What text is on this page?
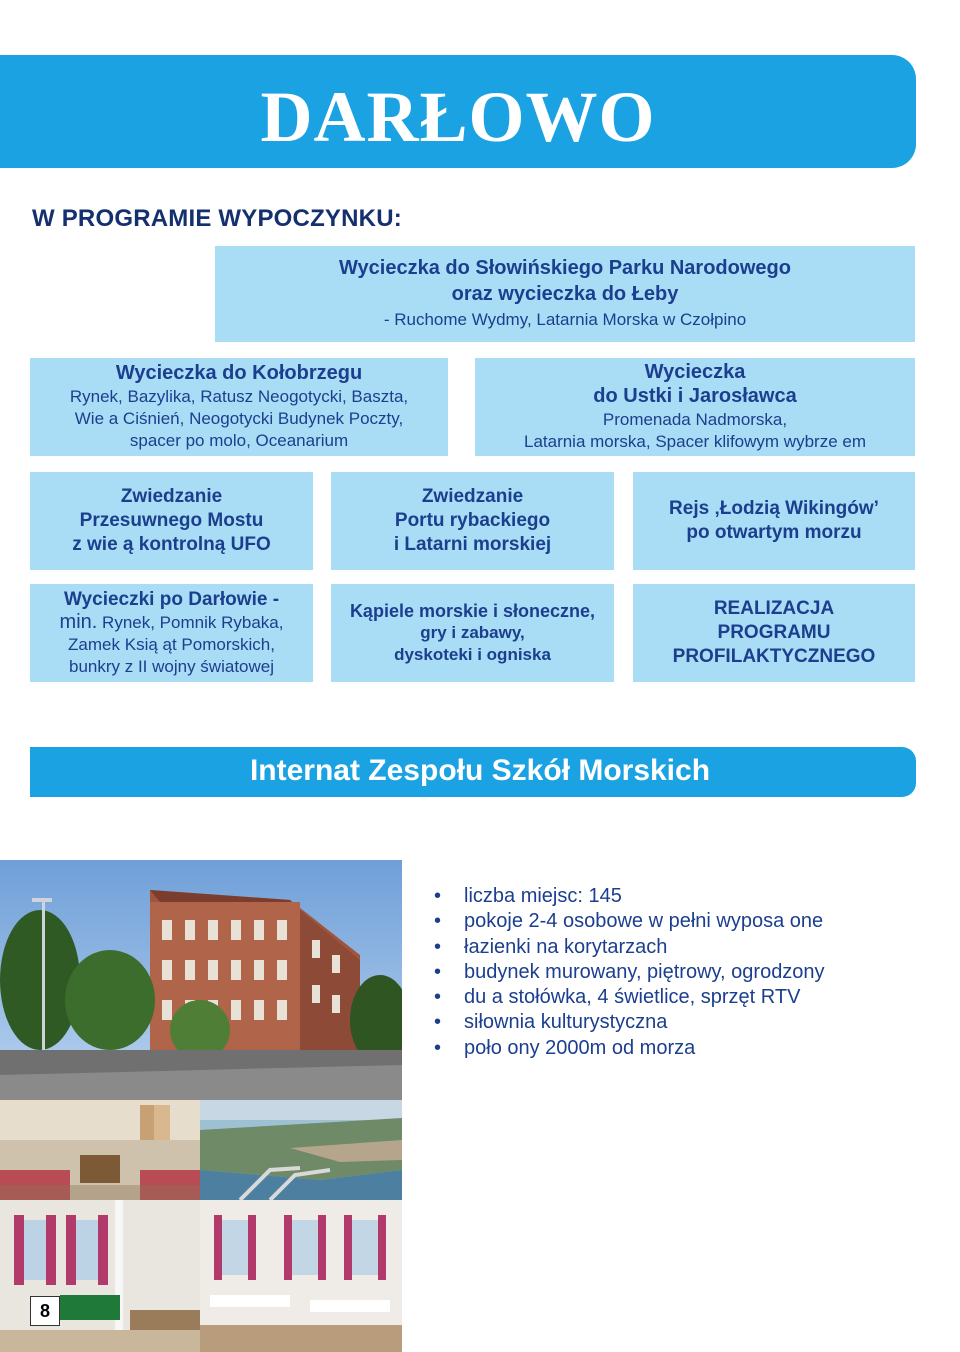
DARŁOWO
W PROGRAMIE WYPOCZYNKU:
Wycieczka do Słowińskiego Parku Narodowego
oraz wycieczka do Łeby
- Ruchome Wydmy, Latarnia Morska w Czołpino
Wycieczka do Kołobrzegu
Rynek, Bazylika, Ratusz Neogotycki, Baszta,
Wie a Ciśnień, Neogotycki Budynek Poczty,
spacer po molo, Oceanarium
Wycieczka
do Ustki i Jarosławca
Promenada Nadmorska,
Latarnia morska, Spacer klifowym wybrze em
Zwiedzanie
Przesuwnego Mostu
z wie ą kontrolną UFO
Zwiedzanie
Portu rybackiego
i Latarni morskiej
Rejs ‚Łodzią Wikingów’
po otwartym morzu
Wycieczki po Darłowie -
min. Rynek, Pomnik Rybaka,
Zamek Ksią ąt Pomorskich,
bunkry z II wojny światowej
Kąpiele morskie i słoneczne,
gry i zabawy,
dyskoteki i ogniska
REALIZACJA
PROGRAMU
PROFILAKTYCZNEGO
Internat Zespołu Szkół Morskich
• liczba miejsc: 145
• pokoje 2-4 osobowe w pełni wyposa one
• łazienki na korytarzach
• budynek murowany, piętrowy, ogrodzony
• du a stołówka, 4 świetlice, sprzęt RTV
• siłownia kulturystyczna
• poło ony 2000m od morza
8
